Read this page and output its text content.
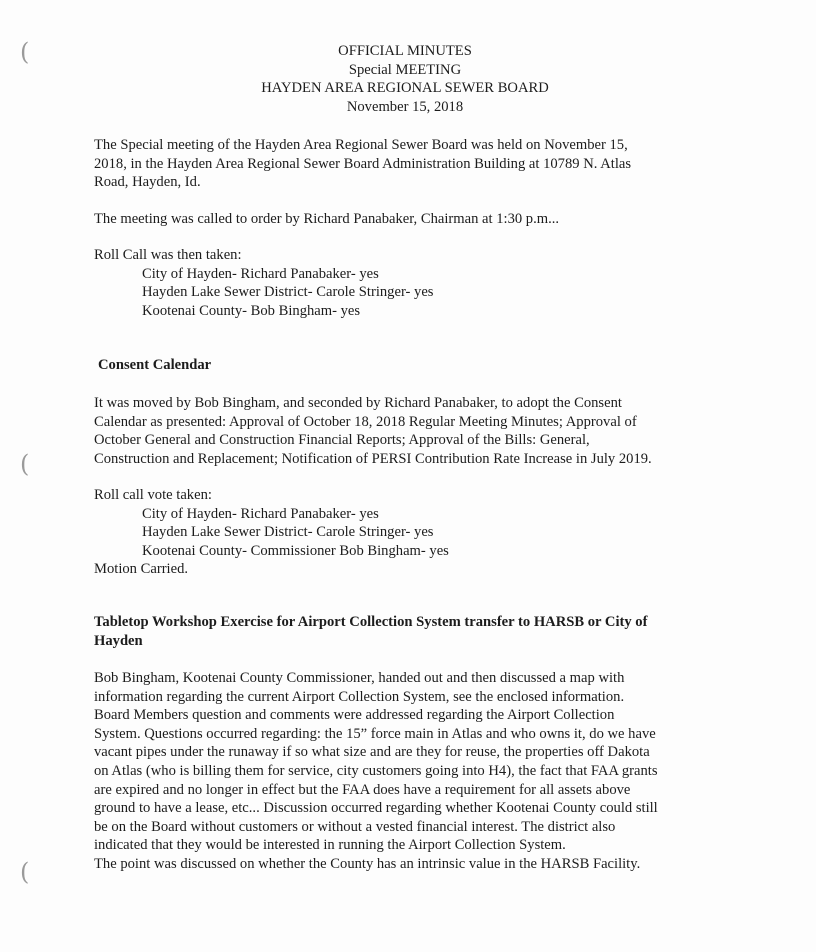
(
(
(
OFFICIAL MINUTES
Special MEETING
HAYDEN AREA REGIONAL SEWER BOARD
November 15, 2018
The Special meeting of the Hayden Area Regional Sewer Board was held on November 15,
2018, in the Hayden Area Regional Sewer Board Administration Building at 10789 N. Atlas
Road, Hayden, Id.
The meeting was called to order by Richard Panabaker, Chairman at 1:30 p.m...
Roll Call was then taken:
City of Hayden- Richard Panabaker- yes
Hayden Lake Sewer District- Carole Stringer- yes
Kootenai County- Bob Bingham- yes
Consent Calendar
It was moved by Bob Bingham, and seconded by Richard Panabaker, to adopt the Consent
Calendar as presented: Approval of October 18, 2018 Regular Meeting Minutes; Approval of
October General and Construction Financial Reports; Approval of the Bills: General,
Construction and Replacement; Notification of PERSI Contribution Rate Increase in July 2019.
Roll call vote taken:
City of Hayden- Richard Panabaker- yes
Hayden Lake Sewer District- Carole Stringer- yes
Kootenai County- Commissioner Bob Bingham- yes
Motion Carried.
Tabletop Workshop Exercise for Airport Collection System transfer to HARSB or City of
Hayden
Bob Bingham, Kootenai County Commissioner, handed out and then discussed a map with
information regarding the current Airport Collection System, see the enclosed information.
Board Members question and comments were addressed regarding the Airport Collection
System. Questions occurred regarding: the 15” force main in Atlas and who owns it, do we have
vacant pipes under the runaway if so what size and are they for reuse, the properties off Dakota
on Atlas (who is billing them for service, city customers going into H4), the fact that FAA grants
are expired and no longer in effect but the FAA does have a requirement for all assets above
ground to have a lease, etc... Discussion occurred regarding whether Kootenai County could still
be on the Board without customers or without a vested financial interest. The district also
indicated that they would be interested in running the Airport Collection System.
The point was discussed on whether the County has an intrinsic value in the HARSB Facility.
